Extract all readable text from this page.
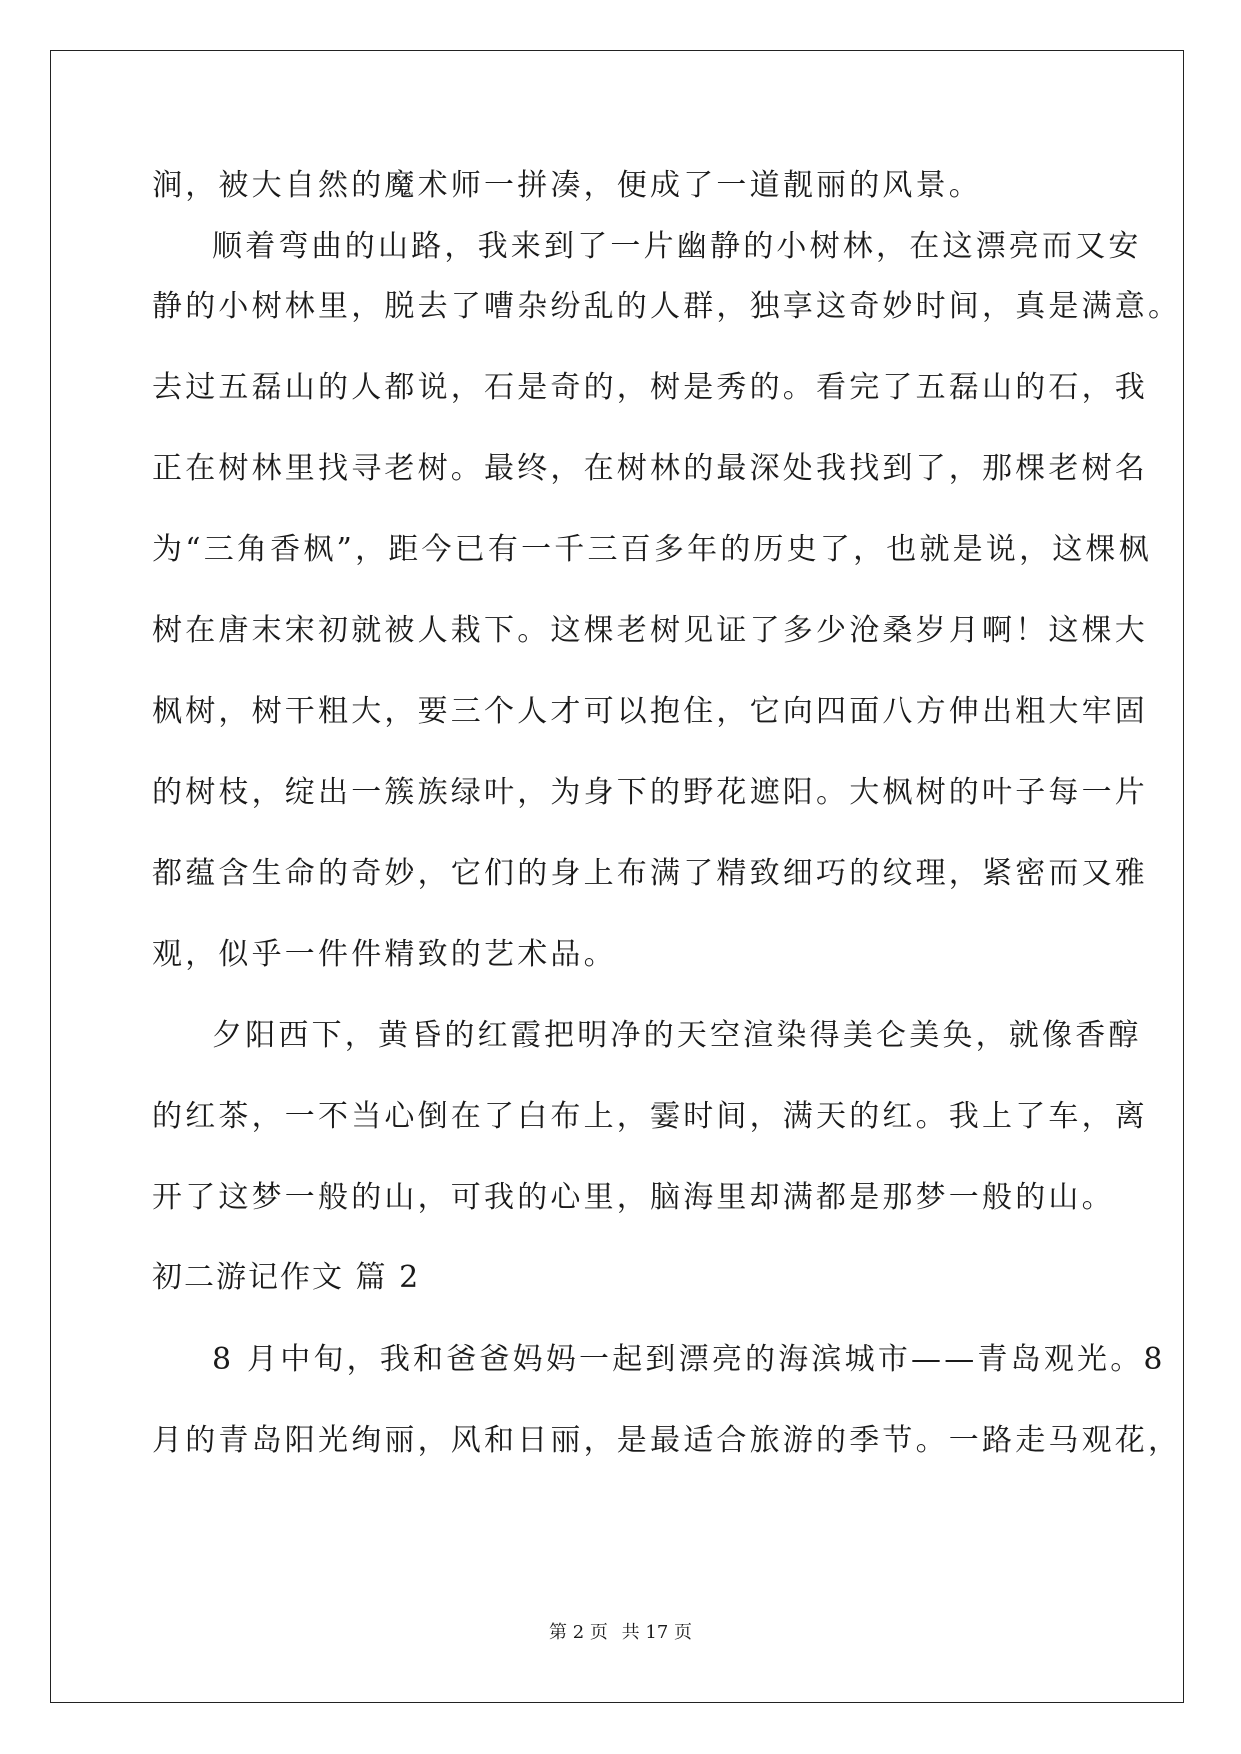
涧，被大自然的魔术师一拼凑，便成了一道靓丽的风景。

顺着弯曲的山路，我来到了一片幽静的小树林，在这漂亮而又安

静的小树林里，脱去了嘈杂纷乱的人群，独享这奇妙时间，真是满意。

去过五磊山的人都说，石是奇的，树是秀的。看完了五磊山的石，我

正在树林里找寻老树。最终，在树林的最深处我找到了，那棵老树名

为“三角香枫”，距今已有一千三百多年的历史了，也就是说，这棵枫

树在唐末宋初就被人栽下。这棵老树见证了多少沧桑岁月啊！这棵大

枫树，树干粗大，要三个人才可以抱住，它向四面八方伸出粗大牢固

的树枝，绽出一簇族绿叶，为身下的野花遮阳。大枫树的叶子每一片

都蕴含生命的奇妙，它们的身上布满了精致细巧的纹理，紧密而又雅

观，似乎一件件精致的艺术品。

夕阳西下，黄昏的红霞把明净的天空渲染得美仑美奂，就像香醇

的红茶，一不当心倒在了白布上，霎时间，满天的红。我上了车，离

开了这梦一般的山，可我的心里，脑海里却满都是那梦一般的山。

初二游记作文 篇 2

8 月中旬，我和爸爸妈妈一起到漂亮的海滨城市——青岛观光。8

月的青岛阳光绚丽，风和日丽，是最适合旅游的季节。一路走马观花，

第 2 页 共 17 页
